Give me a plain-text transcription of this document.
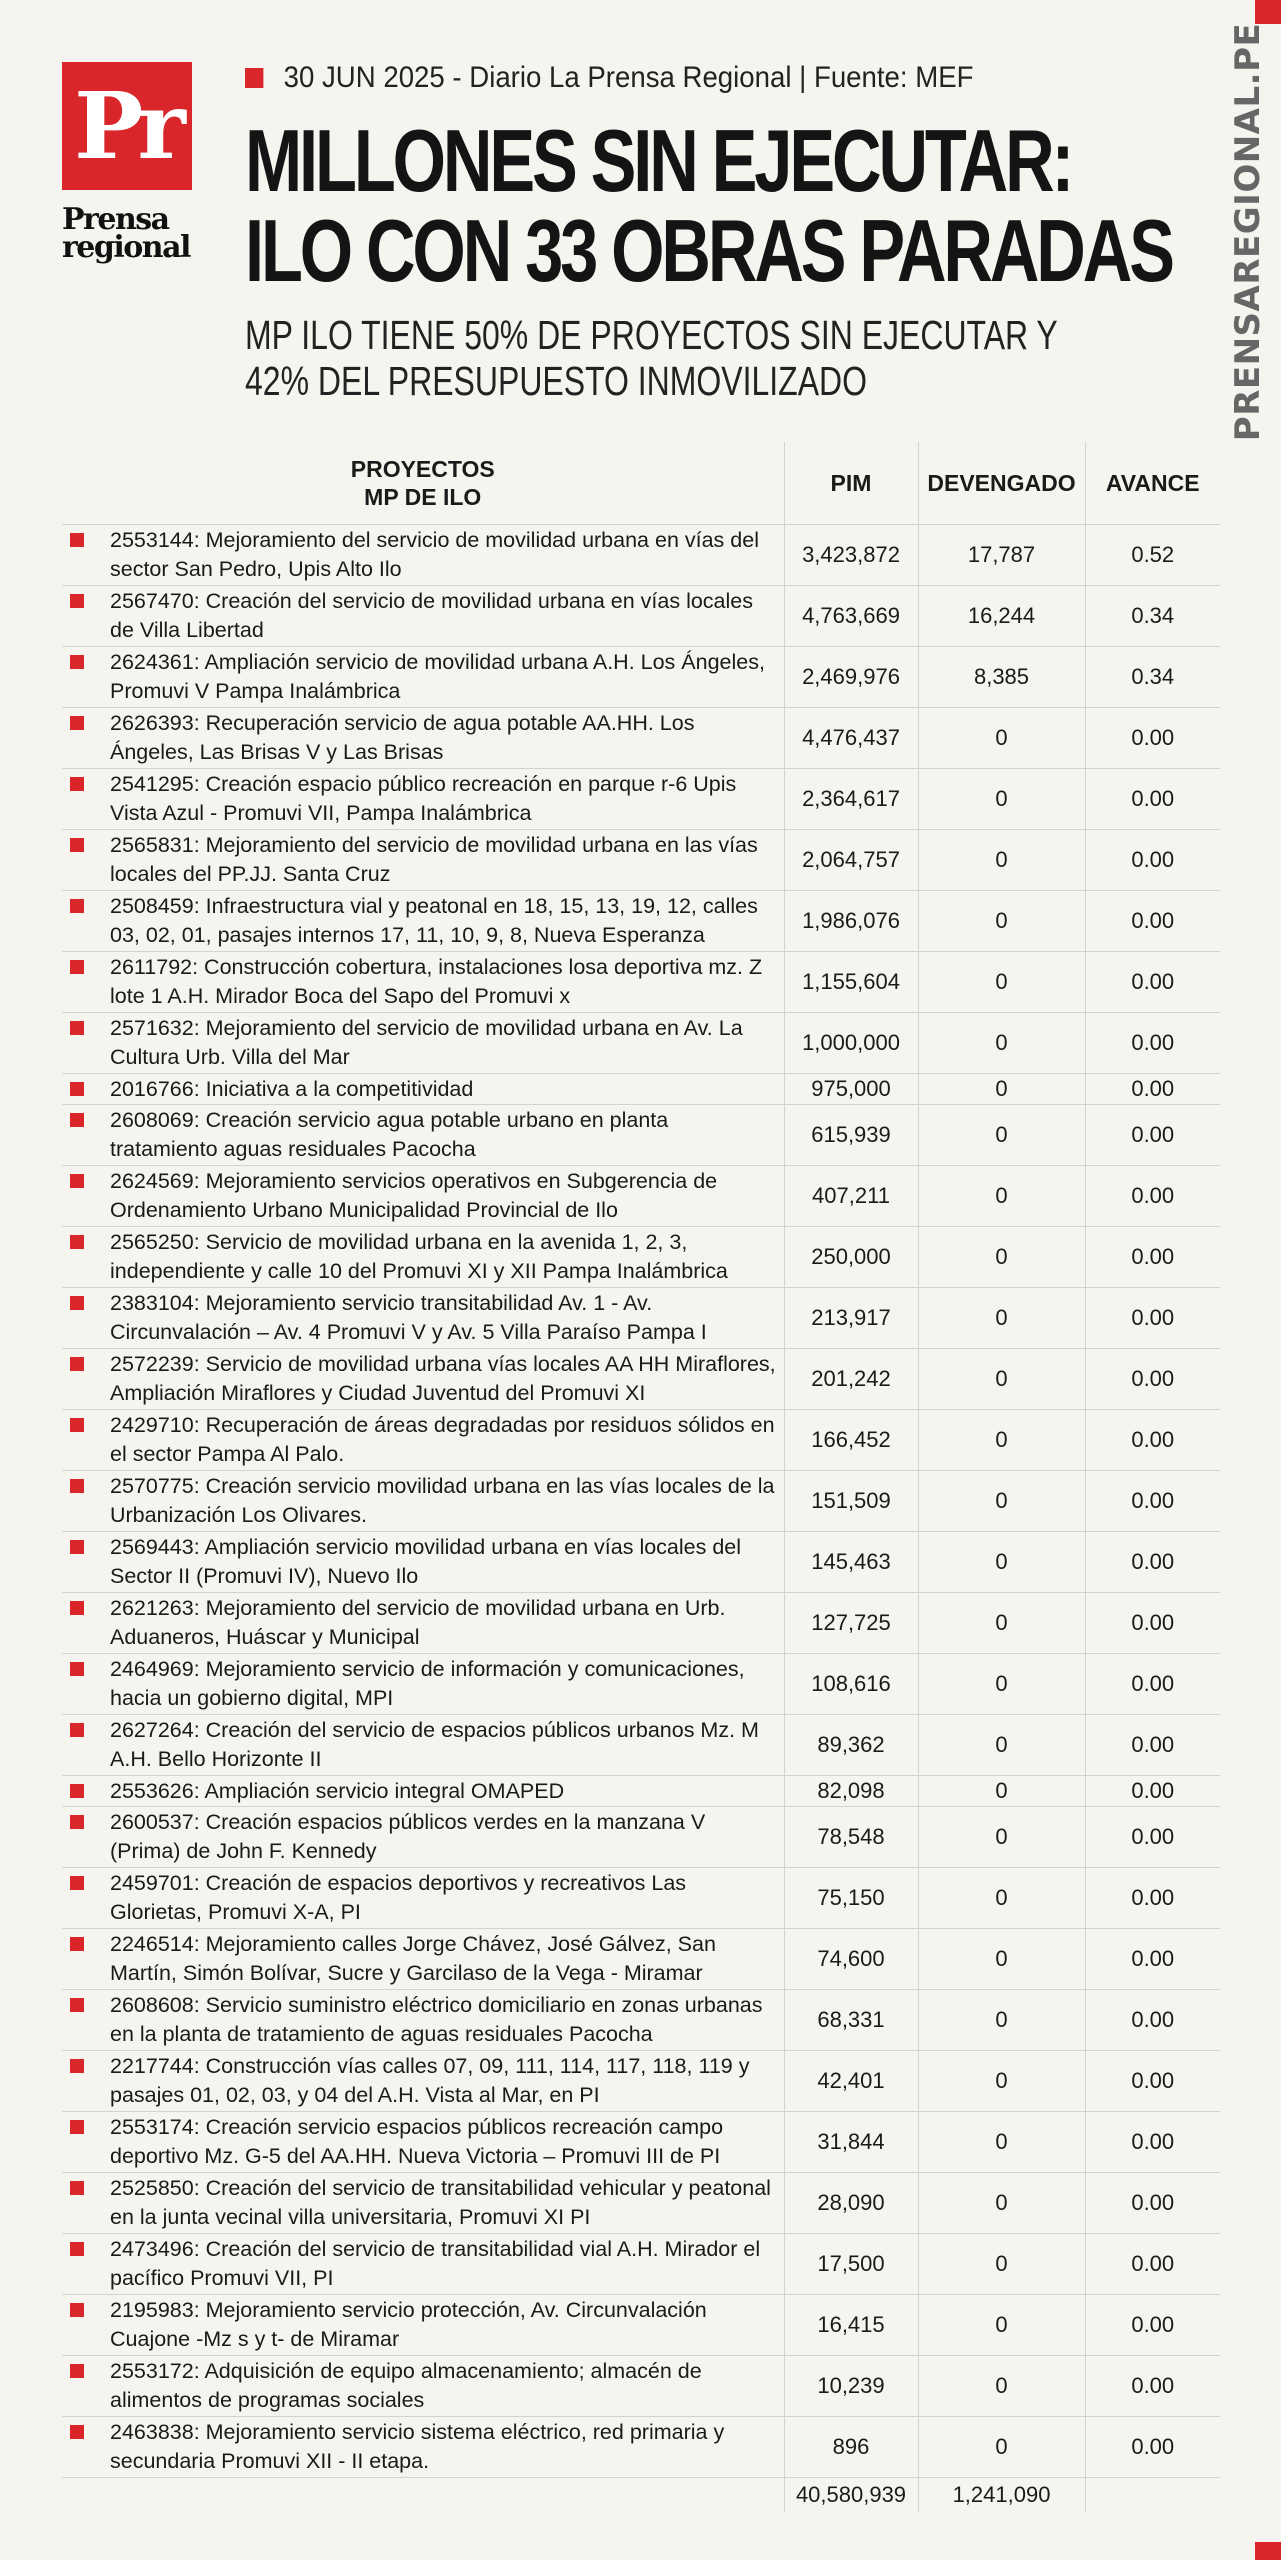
Pr
Prensa regional
30 JUN 2025 - Diario La Prensa Regional | Fuente: MEF
MILLONES SIN EJECUTAR:
ILO CON 33 OBRAS PARADAS
MP ILO TIENE 50% DE PROYECTOS SIN EJECUTAR Y
42% DEL PRESUPUESTO INMOVILIZADO	PRENSAREGIONAL.PE
PROYECTOS
MP DE ILO	PIM	DEVENGADO	AVANCE

2553144: Mejoramiento del servicio de movilidad urbana en vías del sector San Pedro, Upis Alto Ilo	3,423,872	17,787	0.52

2567470: Creación del servicio de movilidad urbana en vías locales de Villa Libertad	4,763,669	16,244	0.34

2624361: Ampliación servicio de movilidad urbana A.H. Los Ángeles, Promuvi V Pampa Inalámbrica	2,469,976	8,385	0.34

2626393: Recuperación servicio de agua potable AA.HH. Los Ángeles, Las Brisas V y Las Brisas	4,476,437	0	0.00

2541295: Creación espacio público recreación en parque r-6 Upis Vista Azul - Promuvi VII, Pampa Inalámbrica	2,364,617	0	0.00

2565831: Mejoramiento del servicio de movilidad urbana en las vías locales del PP.JJ. Santa Cruz	2,064,757	0	0.00

2508459: Infraestructura vial y peatonal en 18, 15, 13, 19, 12, calles 03, 02, 01, pasajes internos 17, 11, 10, 9, 8, Nueva Esperanza	1,986,076	0	0.00

2611792: Construcción cobertura, instalaciones losa deportiva mz. Z lote 1 A.H. Mirador Boca del Sapo del Promuvi x	1,155,604	0	0.00

2571632: Mejoramiento del servicio de movilidad urbana en Av. La Cultura Urb. Villa del Mar	1,000,000	0	0.00

2016766: Iniciativa a la competitividad	975,000	0	0.00

2608069: Creación servicio agua potable urbano en planta tratamiento aguas residuales Pacocha	615,939	0	0.00

2624569: Mejoramiento servicios operativos en Subgerencia de Ordenamiento Urbano Municipalidad Provincial de Ilo	407,211	0	0.00

2565250: Servicio de movilidad urbana en la avenida 1, 2, 3, independiente y calle 10 del Promuvi XI y XII Pampa Inalámbrica	250,000	0	0.00

2383104: Mejoramiento servicio transitabilidad Av. 1 - Av. Circunvalación – Av. 4 Promuvi V y Av. 5 Villa Paraíso Pampa I	213,917	0	0.00

2572239: Servicio de movilidad urbana vías locales AA HH Miraflores, Ampliación Miraflores y Ciudad Juventud del Promuvi XI	201,242	0	0.00

2429710: Recuperación de áreas degradadas por residuos sólidos en el sector Pampa Al Palo.	166,452	0	0.00

2570775: Creación servicio movilidad urbana en las vías locales de la Urbanización Los Olivares.	151,509	0	0.00

2569443: Ampliación servicio movilidad urbana en vías locales del Sector II (Promuvi IV), Nuevo Ilo	145,463	0	0.00

2621263: Mejoramiento del servicio de movilidad urbana en Urb. Aduaneros, Huáscar y Municipal	127,725	0	0.00

2464969: Mejoramiento servicio de información y comunicaciones, hacia un gobierno digital, MPI	108,616	0	0.00

2627264: Creación del servicio de espacios públicos urbanos Mz. M A.H. Bello Horizonte II	89,362	0	0.00

2553626: Ampliación servicio integral OMAPED	82,098	0	0.00

2600537: Creación espacios públicos verdes en la manzana V (Prima) de John F. Kennedy	78,548	0	0.00

2459701: Creación de espacios deportivos y recreativos Las Glorietas, Promuvi X-A, PI	75,150	0	0.00

2246514: Mejoramiento calles Jorge Chávez, José Gálvez, San Martín, Simón Bolívar, Sucre y Garcilaso de la Vega - Miramar	74,600	0	0.00

2608608: Servicio suministro eléctrico domiciliario en zonas urbanas en la planta de tratamiento de aguas residuales Pacocha	68,331	0	0.00

2217744: Construcción vías calles 07, 09, 111, 114, 117, 118, 119 y pasajes 01, 02, 03, y 04 del A.H. Vista al Mar, en PI	42,401	0	0.00

2553174: Creación servicio espacios públicos recreación campo deportivo Mz. G-5 del AA.HH. Nueva Victoria – Promuvi III de PI	31,844	0	0.00

2525850: Creación del servicio de transitabilidad vehicular y peatonal en la junta vecinal villa universitaria, Promuvi XI PI	28,090	0	0.00

2473496: Creación del servicio de transitabilidad vial A.H. Mirador el pacífico Promuvi VII, PI	17,500	0	0.00

2195983: Mejoramiento servicio protección, Av. Circunvalación Cuajone -Mz s y t- de Miramar	16,415	0	0.00

2553172: Adquisición de equipo almacenamiento; almacén de alimentos de programas sociales	10,239	0	0.00

2463838: Mejoramiento servicio sistema eléctrico, red primaria y secundaria Promuvi XII - II etapa.	896	0	0.00
	40,580,939	1,241,090	
